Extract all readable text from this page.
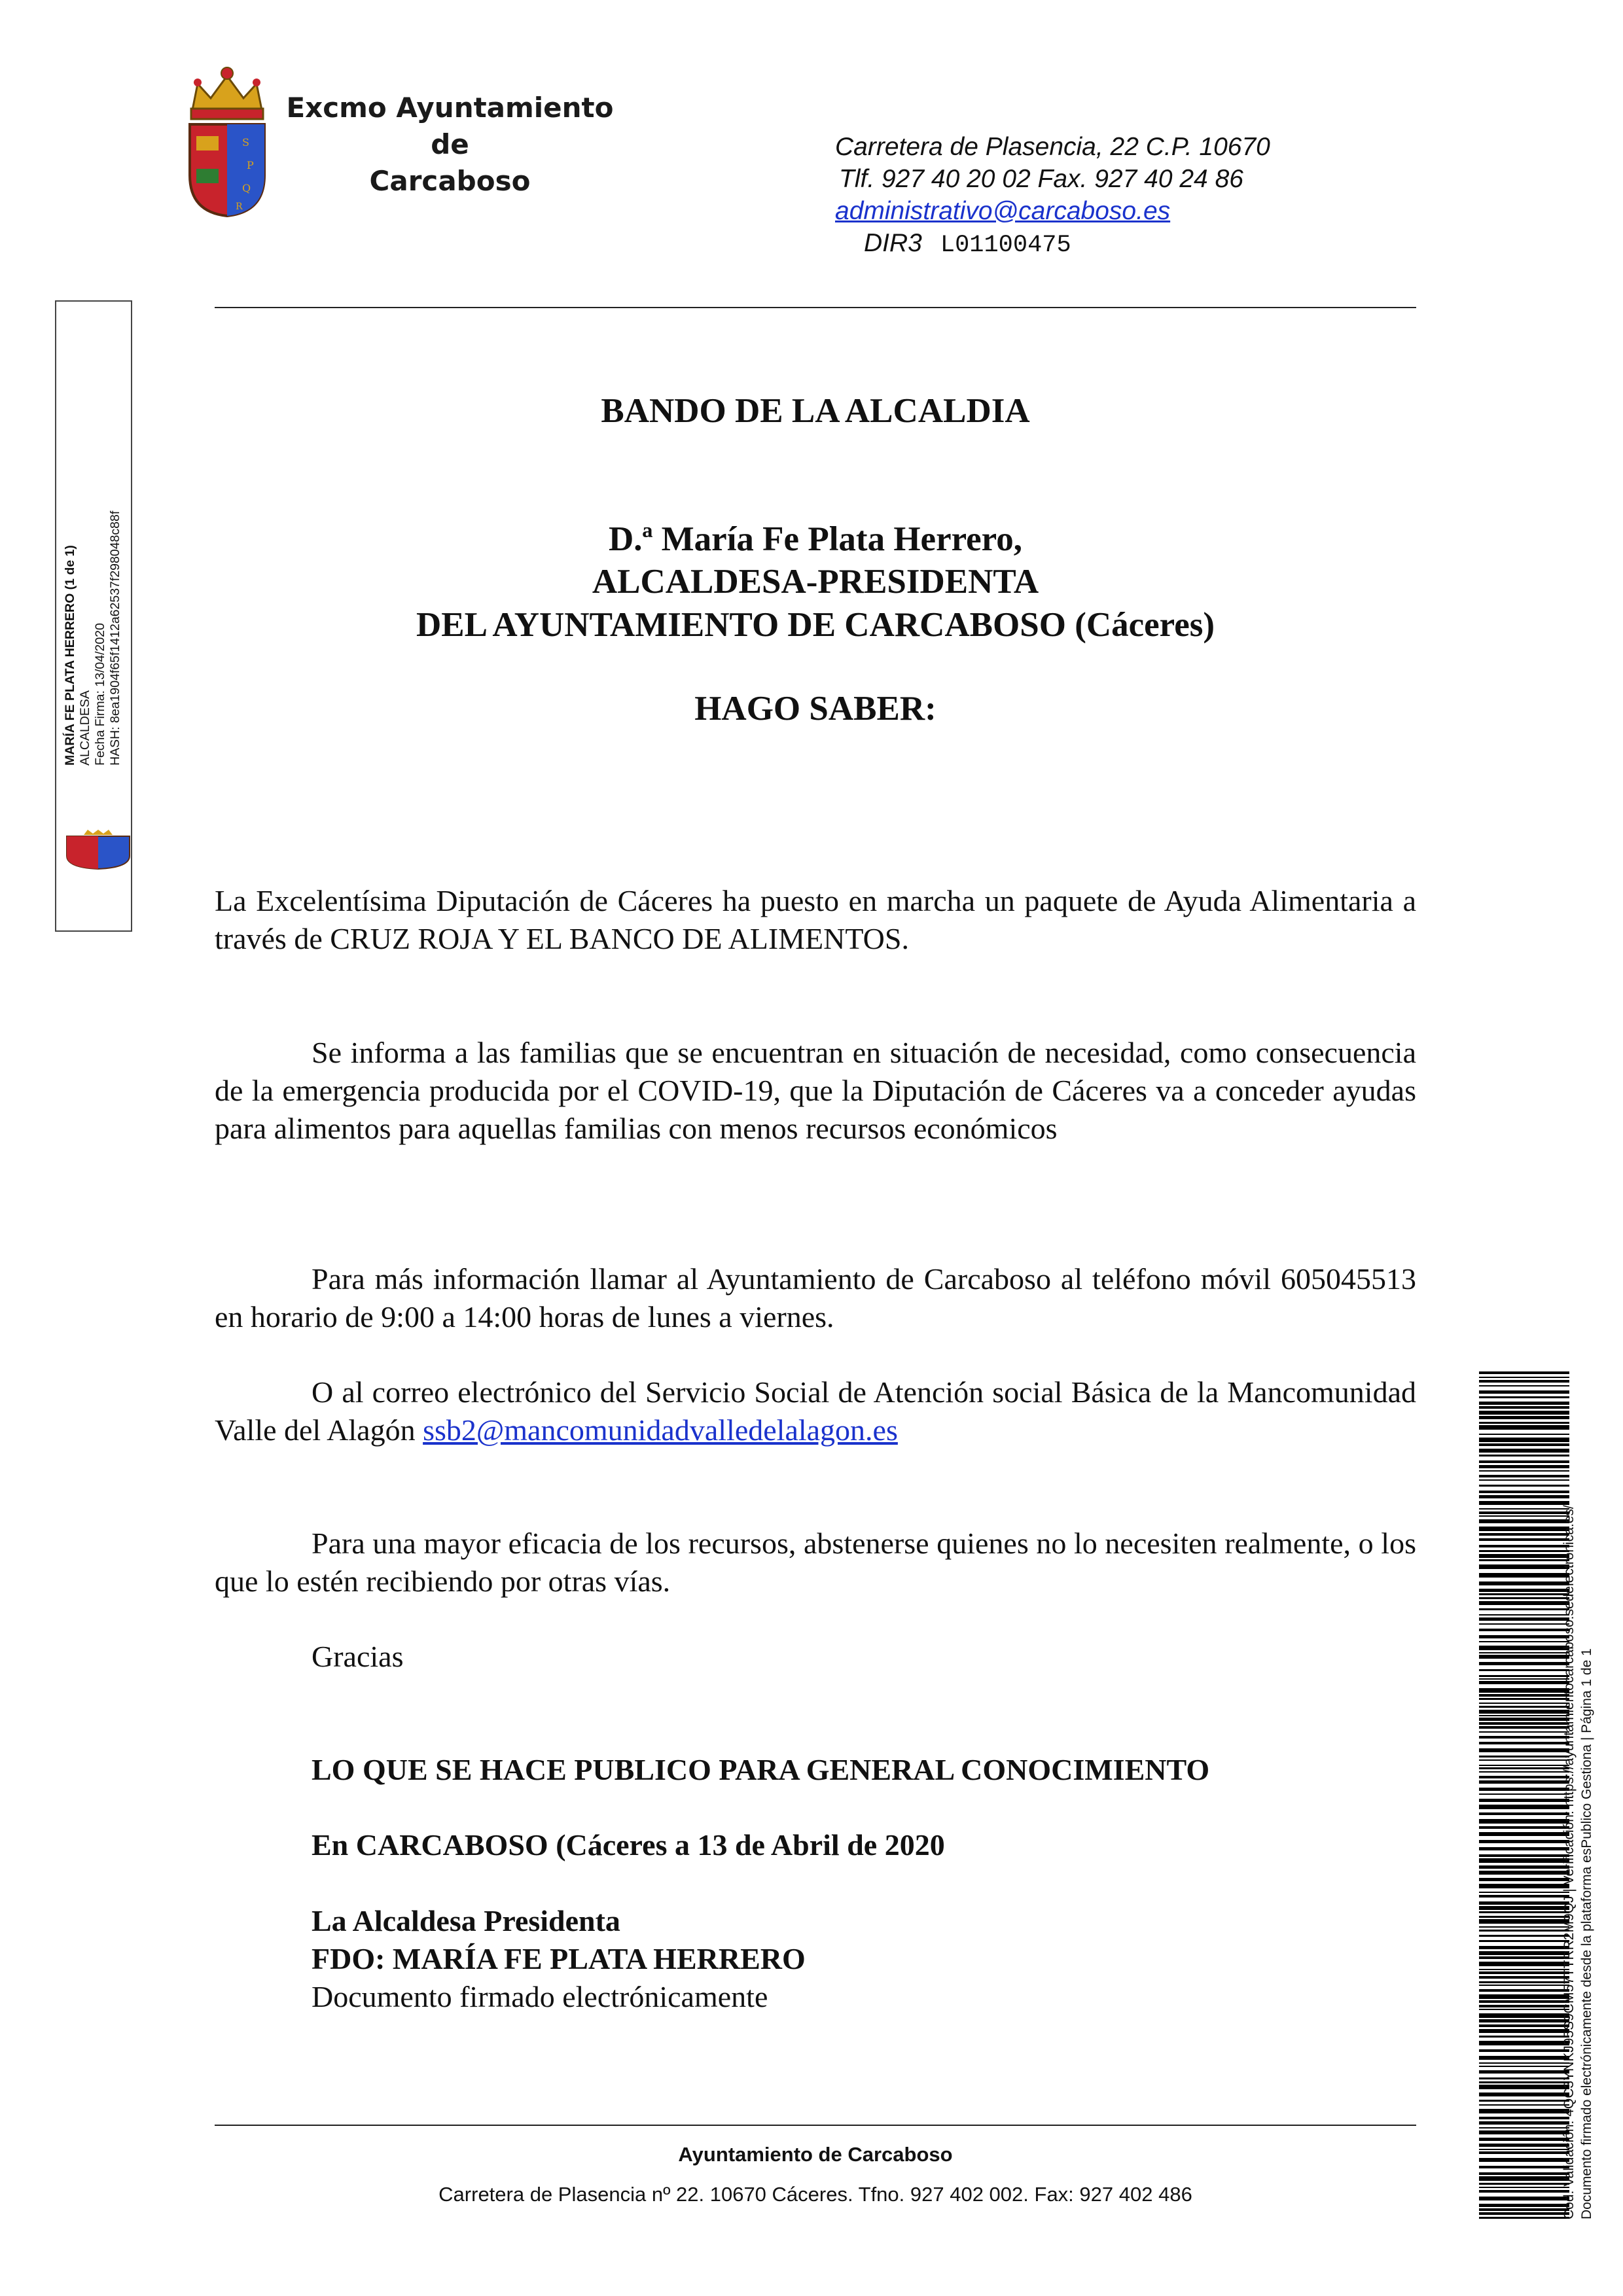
S
P
Q
R
Excmo Ayuntamiento
de
Carcaboso
Carretera de Plasencia, 22 C.P. 10670
Tlf. 927 40 20 02 Fax. 927 40 24 86
administrativo@carcaboso.es
DIR3 L01100475
MARÍA FE PLATA HERRERO (1 de 1) ALCALDESA Fecha Firma: 13/04/2020 HASH: 8ea1904f65f1412a62537f298048c88f
BANDO DE LA ALCALDIA
D.ª María Fe Plata Herrero,
ALCALDESA-PRESIDENTA
DEL AYUNTAMIENTO DE CARCABOSO (Cáceres)
HAGO SABER:
La Excelentísima Diputación de Cáceres ha puesto en marcha un paquete de Ayuda Alimentaria a través de CRUZ ROJA Y EL BANCO DE ALIMENTOS.
Se informa a las familias que se encuentran en situación de necesidad, como consecuencia de la emergencia producida por el COVID-19, que la Diputación de Cáceres va a conceder ayudas para alimentos para aquellas familias con menos recursos económicos
Para más información llamar al Ayuntamiento de Carcaboso al teléfono móvil 605045513 en horario de 9:00 a 14:00 horas de lunes a viernes.
O al correo electrónico del Servicio Social de Atención social Básica de la Mancomunidad Valle del Alagón ssb2@mancomunidadvalledelalagon.es
Para una mayor eficacia de los recursos, abstenerse quienes no lo necesiten realmente, o los que lo estén recibiendo por otras vías.
Gracias
LO QUE SE HACE PUBLICO PARA GENERAL CONOCIMIENTO
En CARCABOSO (Cáceres a 13 de Abril de 2020
La Alcaldesa Presidenta
FDO: MARÍA FE PLATA HERRERO
Documento firmado electrónicamente
Ayuntamiento de Carcaboso
Carretera de Plasencia nº 22. 10670 Cáceres. Tfno. 927 402 002. Fax: 927 402 486	Cód. Validación: 4QC3YNKJ95S9CM57TTRR2M9QJ | Verificación: https://ayuntamientocarcaboso.sedelectronica.es/ Documento firmado electrónicamente desde la plataforma esPublico Gestiona | Página 1 de 1
